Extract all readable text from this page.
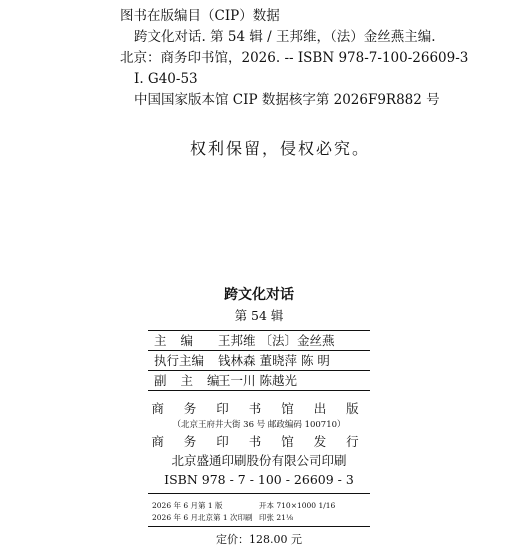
图书在版编目（CIP）数据
跨文化对话. 第 54 辑 / 王邦维，（法）金丝燕主编.
北京：商务印书馆，2026. -- ISBN 978-7-100-26609-3
Ⅰ. G40-53
中国国家版本馆 CIP 数据核字第 2026F9R882 号
权利保留，侵权必究。
跨文化对话
第 54 辑
主编 王邦维 〔法〕金丝燕
执行主编	钱林森 董晓萍 陈 明
副主编
王一川 陈越光
商 务 印 书 馆 出 版
（北京王府井大街 36 号 邮政编码 100710）
商 务 印 书 馆 发 行
北京盛通印刷股份有限公司印刷
ISBN 978 - 7 - 100 - 26609 - 3
2026 年 6 月第 1 版	开本 710×1000 1/16
2026 年 6 月北京第 1 次印刷 印张 21⅛
定价：128.00 元
